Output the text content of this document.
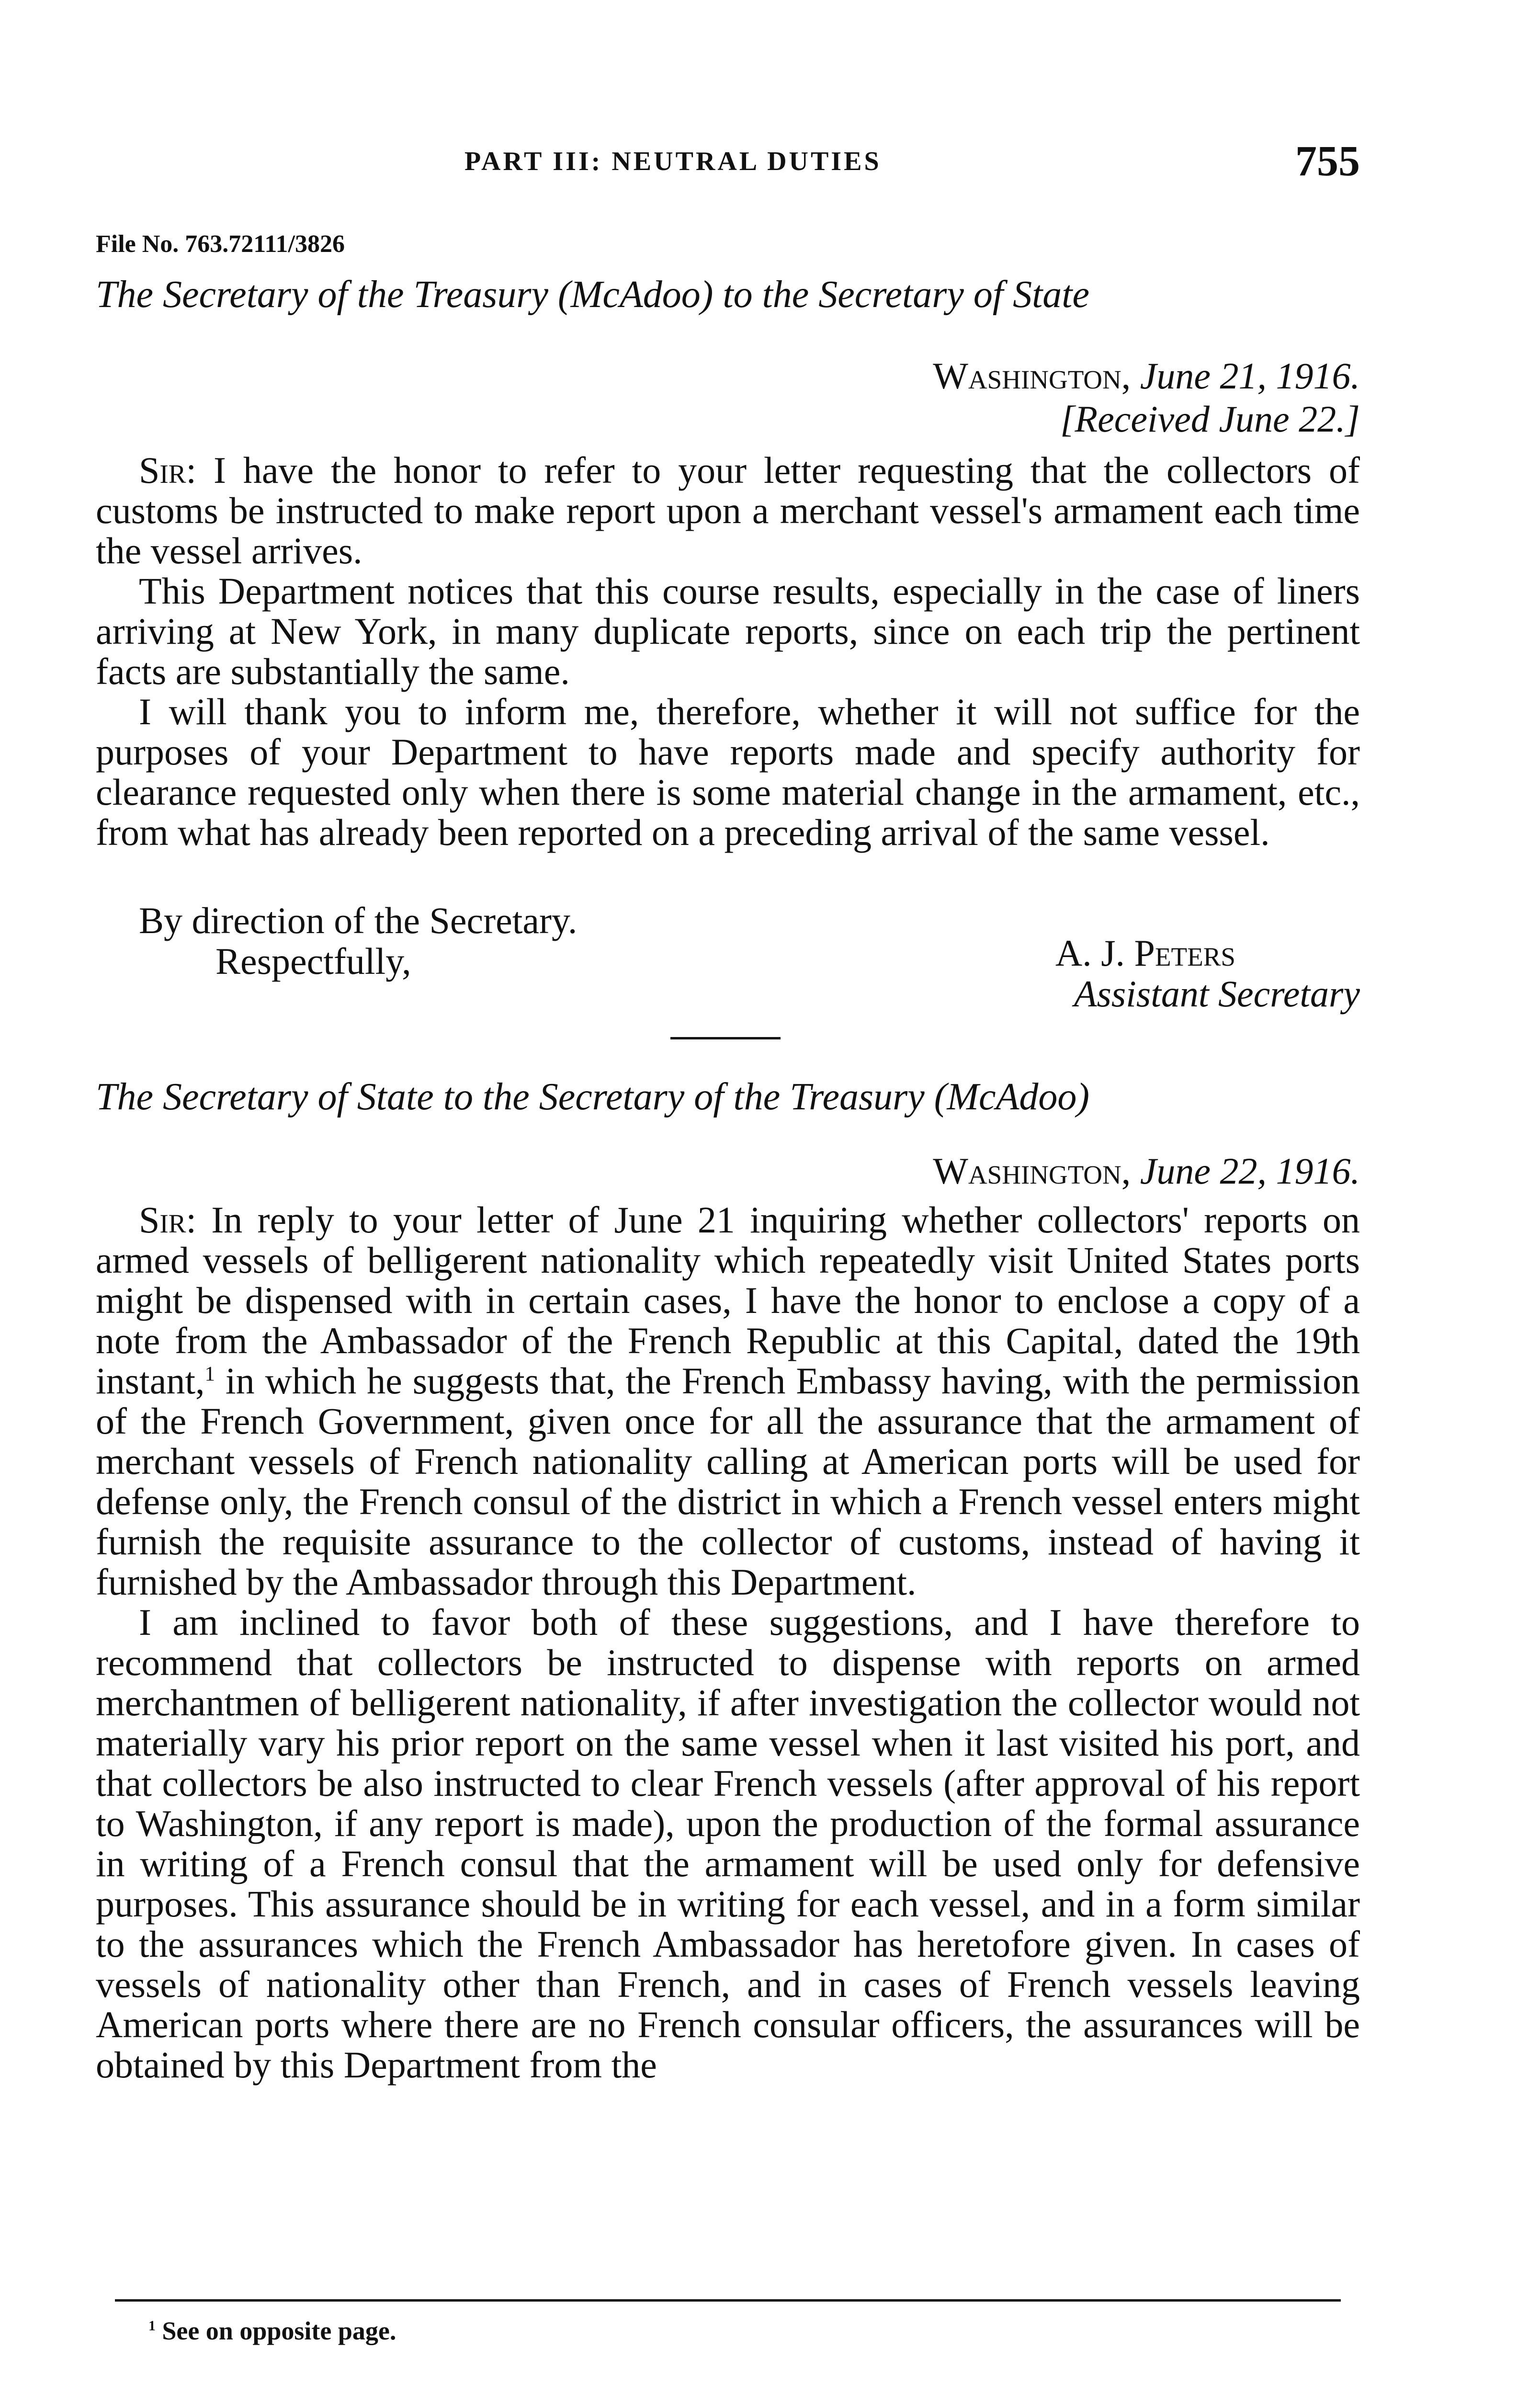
PART III: NEUTRAL DUTIES	755
File No. 763.72111/3826
The Secretary of the Treasury (McAdoo) to the Secretary of State
Washington, June 21, 1916.
[Received June 22.]

Sir: I have the honor to refer to your letter requesting that the collectors of customs be instructed to make report upon a merchant vessel's armament each time the vessel arrives.

This Department notices that this course results, especially in the case of liners arriving at New York, in many duplicate reports, since on each trip the pertinent facts are substantially the same.

I will thank you to inform me, therefore, whether it will not suffice for the purposes of your Department to have reports made and specify authority for clearance requested only when there is some material change in the armament, etc., from what has already been reported on a preceding arrival of the same vessel.

By direction of the Secretary.
Respectfully,	A. J. Peters
Assistant Secretary
The Secretary of State to the Secretary of the Treasury (McAdoo)
Washington, June 22, 1916.

Sir: In reply to your letter of June 21 inquiring whether collectors' reports on armed vessels of belligerent nationality which repeatedly visit United States ports might be dispensed with in certain cases, I have the honor to enclose a copy of a note from the Ambassador of the French Republic at this Capital, dated the 19th instant,$^1$ in which he suggests that, the French Embassy having, with the permission of the French Government, given once for all the assurance that the armament of merchant vessels of French nationality calling at American ports will be used for defense only, the French consul of the district in which a French vessel enters might furnish the requisite assurance to the collector of customs, instead of having it furnished by the Ambassador through this Department.

I am inclined to favor both of these suggestions, and I have therefore to recommend that collectors be instructed to dispense with reports on armed merchantmen of belligerent nationality, if after investigation the collector would not materially vary his prior report on the same vessel when it last visited his port, and that collectors be also instructed to clear French vessels (after approval of his report to Washington, if any report is made), upon the production of the formal assurance in writing of a French consul that the armament will be used only for defensive purposes. This assurance should be in writing for each vessel, and in a form similar to the assurances which the French Ambassador has heretofore given. In cases of vessels of nationality other than French, and in cases of French vessels leaving American ports where there are no French consular officers, the assurances will be obtained by this Department from the

$^1$ See on opposite page.
